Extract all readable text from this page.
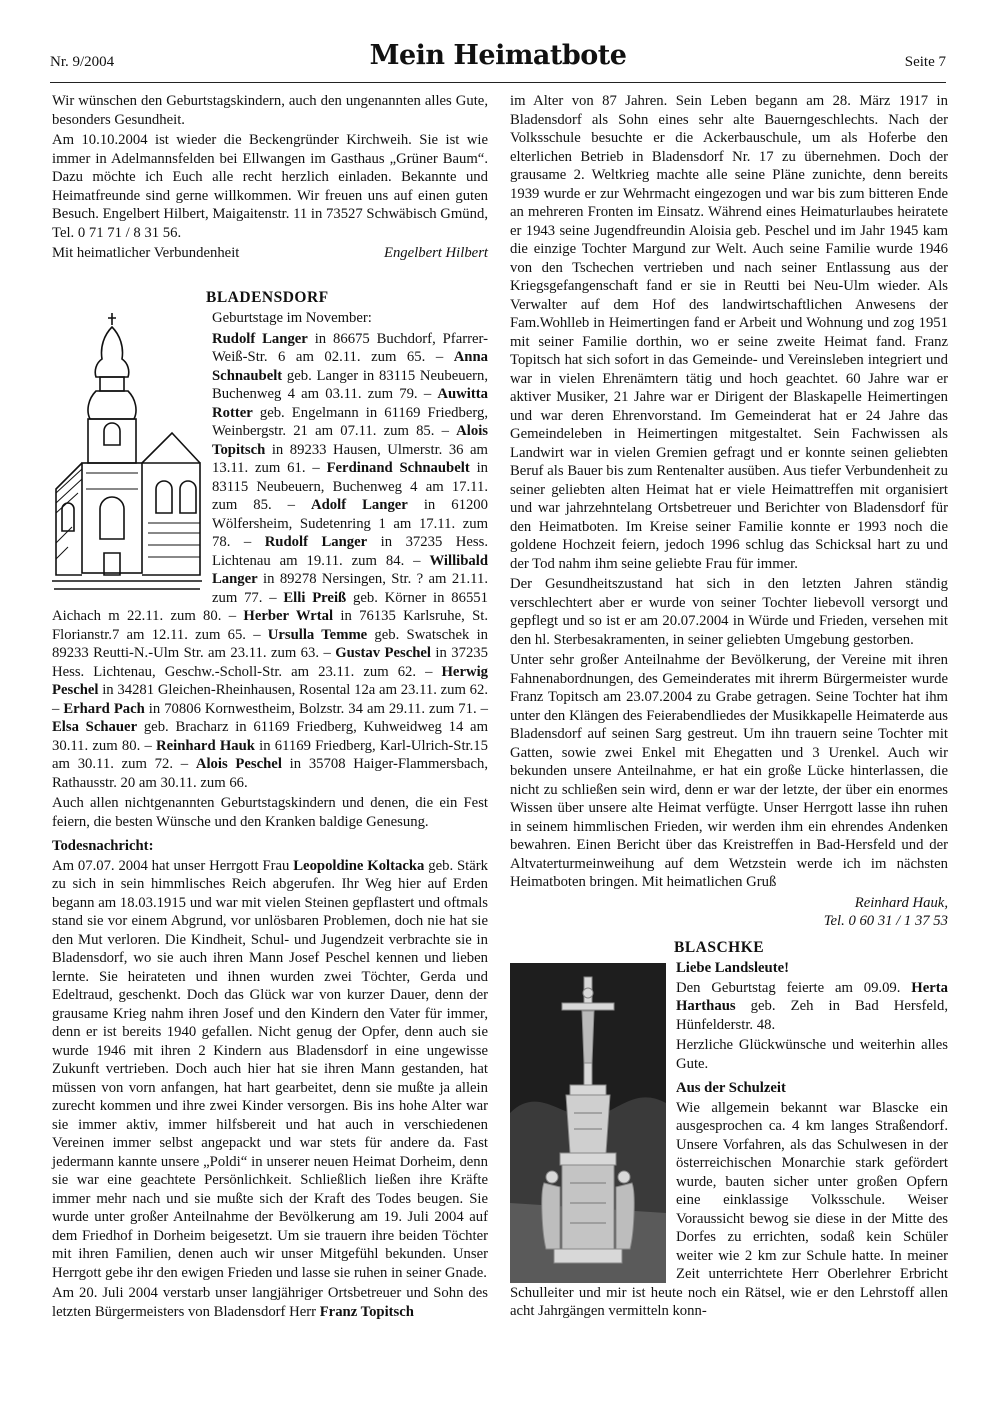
Nr. 9/2004	Mein Heimatbote	Seite 7

Wir wünschen den Geburtstagskindern, auch den ungenannten alles Gute, besonders Gesundheit.

Am 10.10.2004 ist wieder die Beckengründer Kirchweih. Sie ist wie immer in Adelmannsfelden bei Ellwangen im Gasthaus „Grüner Baum“. Dazu möchte ich Euch alle recht herzlich einladen. Bekannte und Heimatfreunde sind gerne willkommen. Wir freuen uns auf einen guten Besuch. Engelbert Hilbert, Maigaitenstr. 11 in 73527 Schwäbisch Gmünd, Tel. 0 71 71 / 8 31 56.

Mit heimatlicher Verbundenheit	Engelbert Hilbert
BLADENSDORF

Geburtstage im November:

Rudolf Langer in 86675 Buchdorf, Pfarrer-Weiß-Str. 6 am 02.11. zum 65. – Anna Schnaubelt geb. Langer in 83115 Neubeuern, Buchenweg 4 am 03.11. zum 79. – Auwitta Rotter geb. Engelmann in 61169 Friedberg, Weinbergstr. 21 am 07.11. zum 85. – Alois Topitsch in 89233 Hausen, Ulmerstr. 36 am 13.11. zum 61. – Ferdinand Schnaubelt in 83115 Neubeuern, Buchenweg 4 am 17.11. zum 85. – Adolf Langer in 61200 Wölfersheim, Sudetenring 1 am 17.11. zum 78. – Rudolf Langer in 37235 Hess. Lichtenau am 19.11. zum 84. – Willibald Langer in 89278 Nersingen, Str. ? am 21.11. zum 77. – Elli Preiß geb. Körner in 86551 Aichach m 22.11. zum 80. – Herber Wrtal in 76135 Karlsruhe, St. Florianstr.7 am 12.11. zum 65. – Ursulla Temme geb. Swatschek in 89233 Reutti-N.-Ulm Str. am 23.11. zum 63. – Gustav Peschel in 37235 Hess. Lichtenau, Geschw.-Scholl-Str. am 23.11. zum 62. – Herwig Peschel in 34281 Gleichen-Rheinhausen, Rosental 12a am 23.11. zum 62. – Erhard Pach in 70806 Kornwestheim, Bolzstr. 34 am 29.11. zum 71. – Elsa Schauer geb. Bracharz in 61169 Friedberg, Kuhweidweg 14 am 30.11. zum 80. – Reinhard Hauk in 61169 Friedberg, Karl-Ulrich-Str.15 am 30.11. zum 72. – Alois Peschel in 35708 Haiger-Flammersbach, Rathausstr. 20 am 30.11. zum 66.

Auch allen nichtgenannten Geburtstagskindern und denen, die ein Fest feiern, die besten Wünsche und den Kranken baldige Genesung.

Todesnachricht:

Am 07.07. 2004 hat unser Herrgott Frau Leopoldine Koltacka geb. Stärk zu sich in sein himmlisches Reich abgerufen. Ihr Weg hier auf Erden begann am 18.03.1915 und war mit vielen Steinen gepflastert und oftmals stand sie vor einem Abgrund, vor unlösbaren Problemen, doch nie hat sie den Mut verloren. Die Kindheit, Schul- und Jugendzeit verbrachte sie in Bladensdorf, wo sie auch ihren Mann Josef Peschel kennen und lieben lernte. Sie heirateten und ihnen wurden zwei Töchter, Gerda und Edeltraud, geschenkt. Doch das Glück war von kurzer Dauer, denn der grausame Krieg nahm ihren Josef und den Kindern den Vater für immer, denn er ist bereits 1940 gefallen. Nicht genug der Opfer, denn auch sie wurde 1946 mit ihren 2 Kindern aus Bladensdorf in eine ungewisse Zukunft vertrieben. Doch auch hier hat sie ihren Mann gestanden, hat müssen von vorn anfangen, hat hart gearbeitet, denn sie mußte ja allein zurecht kommen und ihre zwei Kinder versorgen. Bis ins hohe Alter war sie immer aktiv, immer hilfsbereit und hat auch in verschiedenen Vereinen immer selbst angepackt und war stets für andere da. Fast jedermann kannte unsere „Poldi“ in unserer neuen Heimat Dorheim, denn sie war eine geachtete Persönlichkeit. Schließlich ließen ihre Kräfte immer mehr nach und sie mußte sich der Kraft des Todes beugen. Sie wurde unter großer Anteilnahme der Bevölkerung am 19. Juli 2004 auf dem Friedhof in Dorheim beigesetzt. Um sie trauern ihre beiden Töchter mit ihren Familien, denen auch wir unser Mitgefühl bekunden. Unser Herrgott gebe ihr den ewigen Frieden und lasse sie ruhen in seiner Gnade.

Am 20. Juli 2004 verstarb unser langjähriger Ortsbetreuer und Sohn des letzten Bürgermeisters von Bladensdorf Herr Franz Topitsch

im Alter von 87 Jahren. Sein Leben begann am 28. März 1917 in Bladensdorf als Sohn eines sehr alte Bauerngeschlechts. Nach der Volksschule besuchte er die Ackerbauschule, um als Hoferbe den elterlichen Betrieb in Bladensdorf Nr. 17 zu übernehmen. Doch der grausame 2. Weltkrieg machte alle seine Pläne zunichte, denn bereits 1939 wurde er zur Wehrmacht eingezogen und war bis zum bitteren Ende an mehreren Fronten im Einsatz. Während eines Heimaturlaubes heiratete er 1943 seine Jugendfreundin Aloisia geb. Peschel und im Jahr 1945 kam die einzige Tochter Margund zur Welt. Auch seine Familie wurde 1946 von den Tschechen vertrieben und nach seiner Entlassung aus der Kriegsgefangenschaft fand er sie in Reutti bei Neu-Ulm wieder. Als Verwalter auf dem Hof des landwirtschaftlichen Anwesens der Fam.Wohlleb in Heimertingen fand er Arbeit und Wohnung und zog 1951 mit seiner Familie dorthin, wo er seine zweite Heimat fand. Franz Topitsch hat sich sofort in das Gemeinde- und Vereinsleben integriert und war in vielen Ehrenämtern tätig und hoch geachtet. 60 Jahre war er aktiver Musiker, 21 Jahre war er Dirigent der Blaskapelle Heimertingen und war deren Ehrenvorstand. Im Gemeinderat hat er 24 Jahre das Gemeindeleben in Heimertingen mitgestaltet. Sein Fachwissen als Landwirt war in vielen Gremien gefragt und er konnte seinen geliebten Beruf als Bauer bis zum Rentenalter ausüben. Aus tiefer Verbundenheit zu seiner geliebten alten Heimat hat er viele Heimattreffen mit organisiert und war jahrzehntelang Ortsbetreuer und Berichter von Bladensdorf für den Heimatboten. Im Kreise seiner Familie konnte er 1993 noch die goldene Hochzeit feiern, jedoch 1996 schlug das Schicksal hart zu und der Tod nahm ihm seine geliebte Frau für immer.

Der Gesundheitszustand hat sich in den letzten Jahren ständig verschlechtert aber er wurde von seiner Tochter liebevoll versorgt und gepflegt und so ist er am 20.07.2004 in Würde und Frieden, versehen mit den hl. Sterbesakramenten, in seiner geliebten Umgebung gestorben.

Unter sehr großer Anteilnahme der Bevölkerung, der Vereine mit ihren Fahnenabordnungen, des Gemeinderates mit ihrerm Bürgermeister wurde Franz Topitsch am 23.07.2004 zu Grabe getragen. Seine Tochter hat ihm unter den Klängen des Feierabendliedes der Musikkapelle Heimaterde aus Bladensdorf auf seinen Sarg gestreut. Um ihn trauern seine Tochter mit Gatten, sowie zwei Enkel mit Ehegatten und 3 Urenkel. Auch wir bekunden unsere Anteilnahme, er hat ein große Lücke hinterlassen, die nicht zu schließen sein wird, denn er war der letzte, der über ein enormes Wissen über unsere alte Heimat verfügte. Unser Herrgott lasse ihn ruhen in seinem himmlischen Frieden, wir werden ihm ein ehrendes Andenken bewahren. Einen Bericht über das Kreistreffen in Bad-Hersfeld und der Altvaterturmeinweihung auf dem Wetzstein werde ich im nächsten Heimatboten bringen. Mit heimatlichen Gruß

Reinhard Hauk,
Tel. 0 60 31 / 1 37 53
BLASCHKE
Liebe Landsleute!

Den Geburtstag feierte am 09.09. Herta Harthaus geb. Zeh in Bad Hersfeld, Hünfelderstr. 48.

Herzliche Glückwünsche und weiterhin alles Gute.

Aus der Schulzeit

Wie allgemein bekannt war Blascke ein ausgesprochen ca. 4 km langes Straßendorf. Unsere Vorfahren, als das Schulwesen in der österreichischen Monarchie stark gefördert wurde, bauten sicher unter großen Opfern eine einklassige Volksschule. Weiser Voraussicht bewog sie diese in der Mitte des Dorfes zu errichten, sodaß kein Schüler weiter wie 2 km zur Schule hatte. In meiner Zeit unterrichtete Herr Oberlehrer Erbricht Schulleiter und mir ist heute noch ein Rätsel, wie er den Lehrstoff allen acht Jahrgängen vermitteln konn-
